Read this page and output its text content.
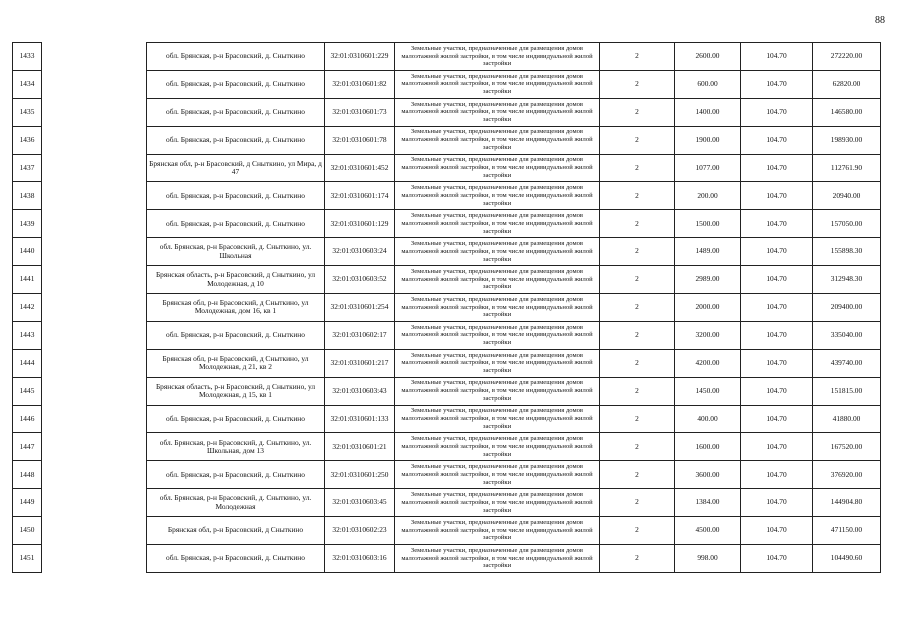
88
1433		обл. Брянская, р-н Брасовский, д. Сныткино	32:01:0310601:229	Земельные участки, предназначенные для размещения домов малоэтажной жилой застройки, в том числе индивидуальной жилой застройки	2	2600.00	104.70	272220.00
1434		обл. Брянская, р-н Брасовский, д. Сныткино	32:01:0310601:82	Земельные участки, предназначенные для размещения домов малоэтажной жилой застройки, в том числе индивидуальной жилой застройки	2	600.00	104.70	62820.00
1435		обл. Брянская, р-н Брасовский, д. Сныткино	32:01:0310601:73	Земельные участки, предназначенные для размещения домов малоэтажной жилой застройки, в том числе индивидуальной жилой застройки	2	1400.00	104.70	146580.00
1436		обл. Брянская, р-н Брасовский, д. Сныткино	32:01:0310601:78	Земельные участки, предназначенные для размещения домов малоэтажной жилой застройки, в том числе индивидуальной жилой застройки	2	1900.00	104.70	198930.00
1437		Брянская обл, р-н Брасовский, д Сныткино, ул Мира, д 47	32:01:0310601:452	Земельные участки, предназначенные для размещения домов малоэтажной жилой застройки, в том числе индивидуальной жилой застройки	2	1077.00	104.70	112761.90
1438		обл. Брянская, р-н Брасовский, д. Сныткино	32:01:0310601:174	Земельные участки, предназначенные для размещения домов малоэтажной жилой застройки, в том числе индивидуальной жилой застройки	2	200.00	104.70	20940.00
1439		обл. Брянская, р-н Брасовский, д. Сныткино	32:01:0310601:129	Земельные участки, предназначенные для размещения домов малоэтажной жилой застройки, в том числе индивидуальной жилой застройки	2	1500.00	104.70	157050.00
1440		обл. Брянская, р-н Брасовский, д. Сныткино, ул. Школьная	32:01:0310603:24	Земельные участки, предназначенные для размещения домов малоэтажной жилой застройки, в том числе индивидуальной жилой застройки	2	1489.00	104.70	155898.30
1441		Брянская область, р-н Брасовский, д Сныткино, ул Молодежная, д 10	32:01:0310603:52	Земельные участки, предназначенные для размещения домов малоэтажной жилой застройки, в том числе индивидуальной жилой застройки	2	2989.00	104.70	312948.30
1442		Брянская обл, р-н Брасовский, д Сныткино, ул Молодежная, дом 16, кв 1	32:01:0310601:254	Земельные участки, предназначенные для размещения домов малоэтажной жилой застройки, в том числе индивидуальной жилой застройки	2	2000.00	104.70	209400.00
1443		обл. Брянская, р-н Брасовский, д. Сныткино	32:01:0310602:17	Земельные участки, предназначенные для размещения домов малоэтажной жилой застройки, в том числе индивидуальной жилой застройки	2	3200.00	104.70	335040.00
1444		Брянская обл, р-н Брасовский, д Сныткино, ул Молодежная, д 21, кв 2	32:01:0310601:217	Земельные участки, предназначенные для размещения домов малоэтажной жилой застройки, в том числе индивидуальной жилой застройки	2	4200.00	104.70	439740.00
1445		Брянская область, р-н Брасовский, д Сныткино, ул Молодежная, д 15, кв 1	32:01:0310603:43	Земельные участки, предназначенные для размещения домов малоэтажной жилой застройки, в том числе индивидуальной жилой застройки	2	1450.00	104.70	151815.00
1446		обл. Брянская, р-н Брасовский, д. Сныткино	32:01:0310601:133	Земельные участки, предназначенные для размещения домов малоэтажной жилой застройки, в том числе индивидуальной жилой застройки	2	400.00	104.70	41880.00
1447		обл. Брянская, р-н Брасовский, д. Сныткино, ул. Школьная, дом 13	32:01:0310601:21	Земельные участки, предназначенные для размещения домов малоэтажной жилой застройки, в том числе индивидуальной жилой застройки	2	1600.00	104.70	167520.00
1448		обл. Брянская, р-н Брасовский, д. Сныткино	32:01:0310601:250	Земельные участки, предназначенные для размещения домов малоэтажной жилой застройки, в том числе индивидуальной жилой застройки	2	3600.00	104.70	376920.00
1449		обл. Брянская, р-н Брасовский, д. Сныткино, ул. Молодежная	32:01:0310603:45	Земельные участки, предназначенные для размещения домов малоэтажной жилой застройки, в том числе индивидуальной жилой застройки	2	1384.00	104.70	144904.80
1450		Брянская обл, р-н Брасовский, д Сныткино	32:01:0310602:23	Земельные участки, предназначенные для размещения домов малоэтажной жилой застройки, в том числе индивидуальной жилой застройки	2	4500.00	104.70	471150.00
1451		обл. Брянская, р-н Брасовский, д. Сныткино	32:01:0310603:16	Земельные участки, предназначенные для размещения домов малоэтажной жилой застройки, в том числе индивидуальной жилой застройки	2	998.00	104.70	104490.60
